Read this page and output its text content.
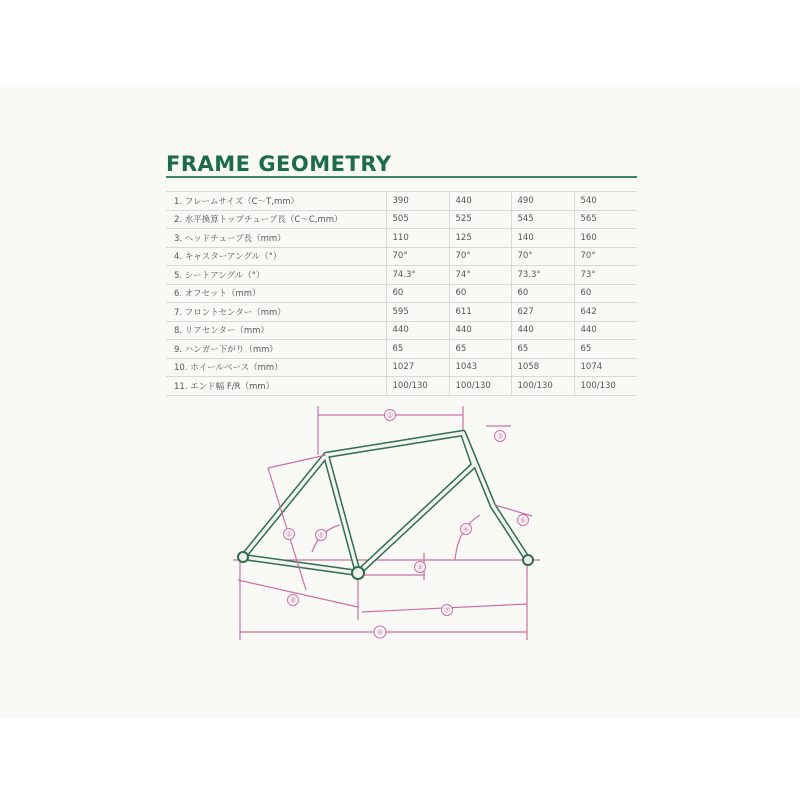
FRAME GEOMETRY
1. フレームサイズ（C〜T,mm）	390	440	490	540
2. 水平換算トップチューブ長（C〜C,mm）	505	525	545	565
3. ヘッドチューブ長（mm）	110	125	140	160
4. キャスターアングル（°）	70°	70°	70°	70°
5. シートアングル（°）	74.3°	74°	73.3°	73°
6. オフセット（mm）	60	60	60	60
7. フロントセンター（mm）	595	611	627	642
8. リアセンター（mm）	440	440	440	440
9. ハンガー下がり（mm）	65	65	65	65
10. ホイールベース（mm）	1027	1043	1058	1074
11. エンド幅 F/R（mm）	100/130	100/130	100/130	100/130
①
②
③
④
⑤
⑥
⑦
⑧
⑨
⑩
